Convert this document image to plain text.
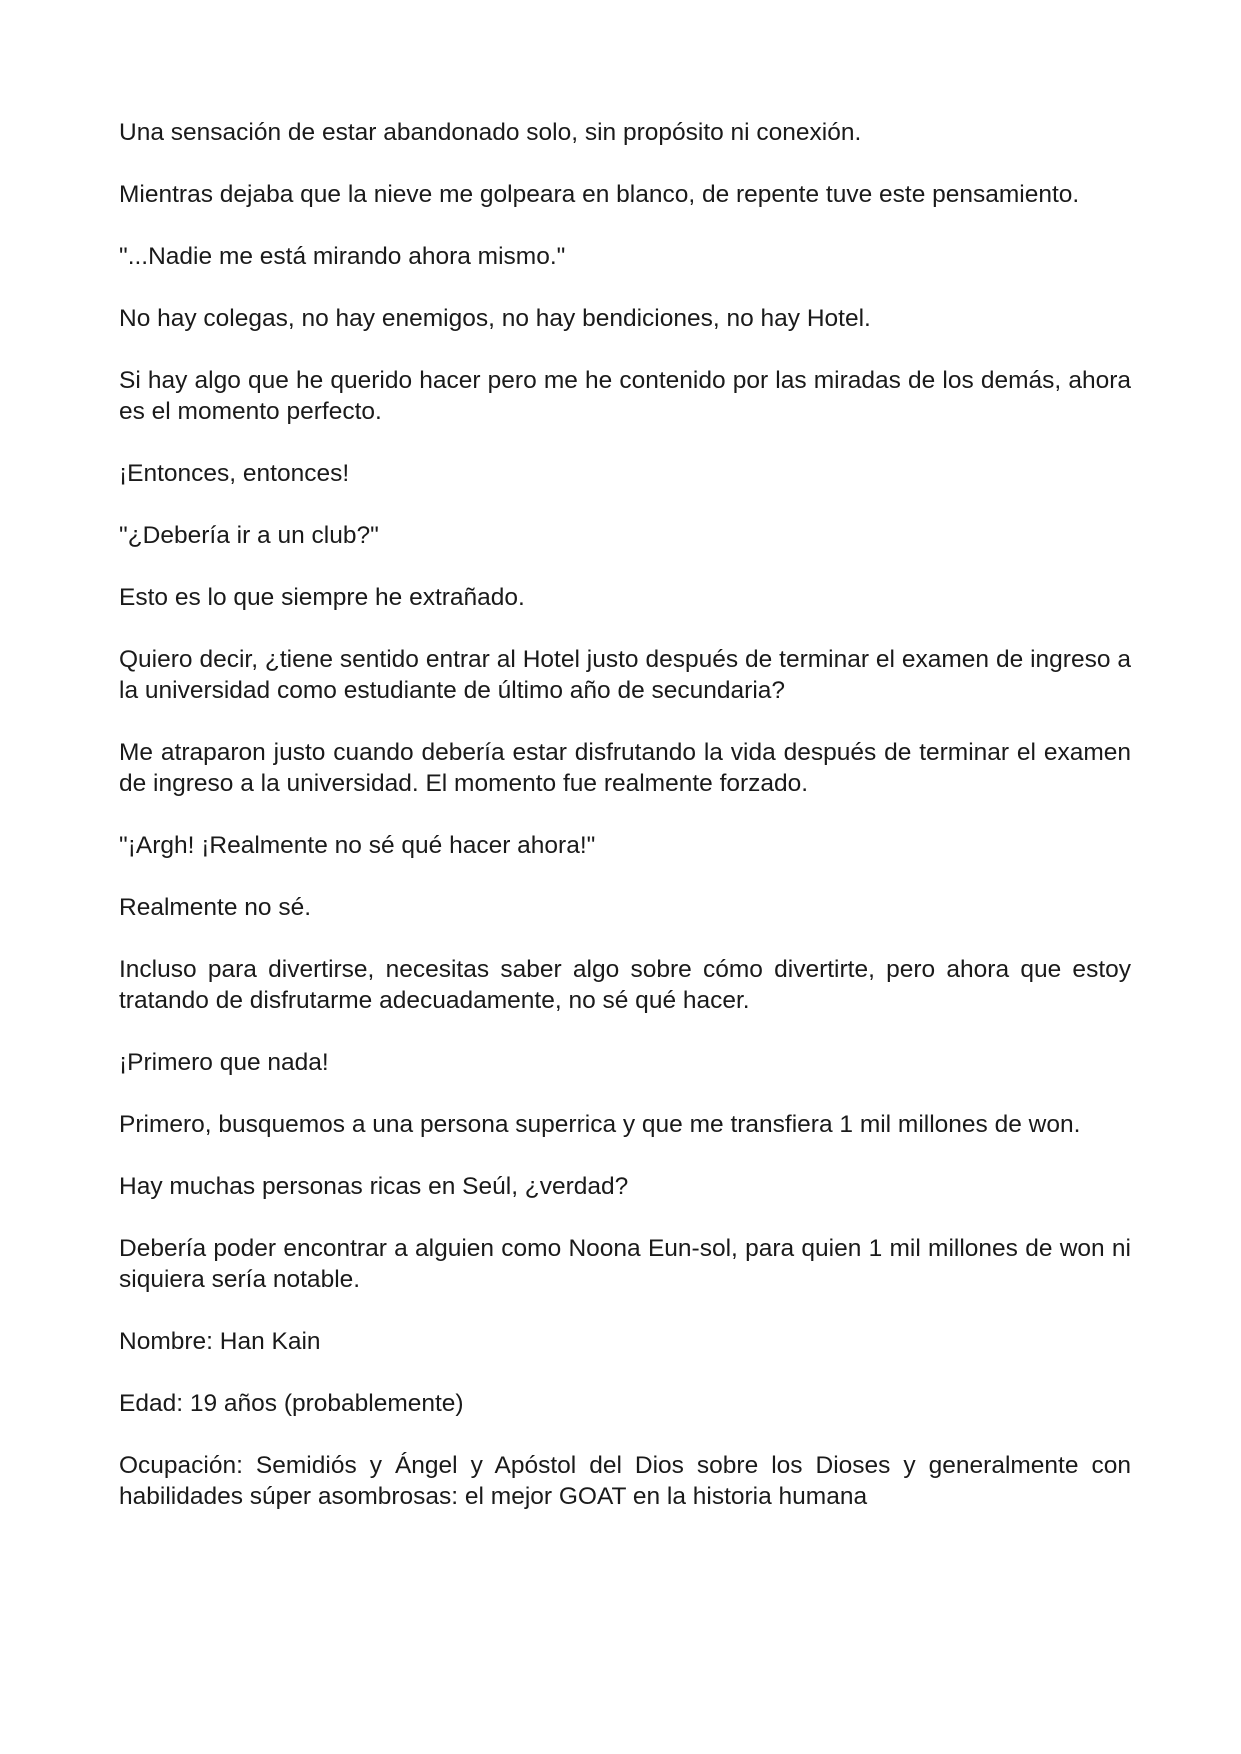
Una sensación de estar abandonado solo, sin propósito ni conexión.

Mientras dejaba que la nieve me golpeara en blanco, de repente tuve este pensamiento.

"...Nadie me está mirando ahora mismo."

No hay colegas, no hay enemigos, no hay bendiciones, no hay Hotel.

Si hay algo que he querido hacer pero me he contenido por las miradas de los demás, ahora es el momento perfecto.

¡Entonces, entonces!

"¿Debería ir a un club?"

Esto es lo que siempre he extrañado.

Quiero decir, ¿tiene sentido entrar al Hotel justo después de terminar el examen de ingreso a la universidad como estudiante de último año de secundaria?

Me atraparon justo cuando debería estar disfrutando la vida después de terminar el examen de ingreso a la universidad. El momento fue realmente forzado.

"¡Argh! ¡Realmente no sé qué hacer ahora!"

Realmente no sé.

Incluso para divertirse, necesitas saber algo sobre cómo divertirte, pero ahora que estoy tratando de disfrutarme adecuadamente, no sé qué hacer.

¡Primero que nada!

Primero, busquemos a una persona superrica y que me transfiera 1 mil millones de won.

Hay muchas personas ricas en Seúl, ¿verdad?

Debería poder encontrar a alguien como Noona Eun-sol, para quien 1 mil millones de won ni siquiera sería notable.

Nombre: Han Kain

Edad: 19 años (probablemente)

Ocupación: Semidiós y Ángel y Apóstol del Dios sobre los Dioses y generalmente con habilidades súper asombrosas: el mejor GOAT en la historia humana
